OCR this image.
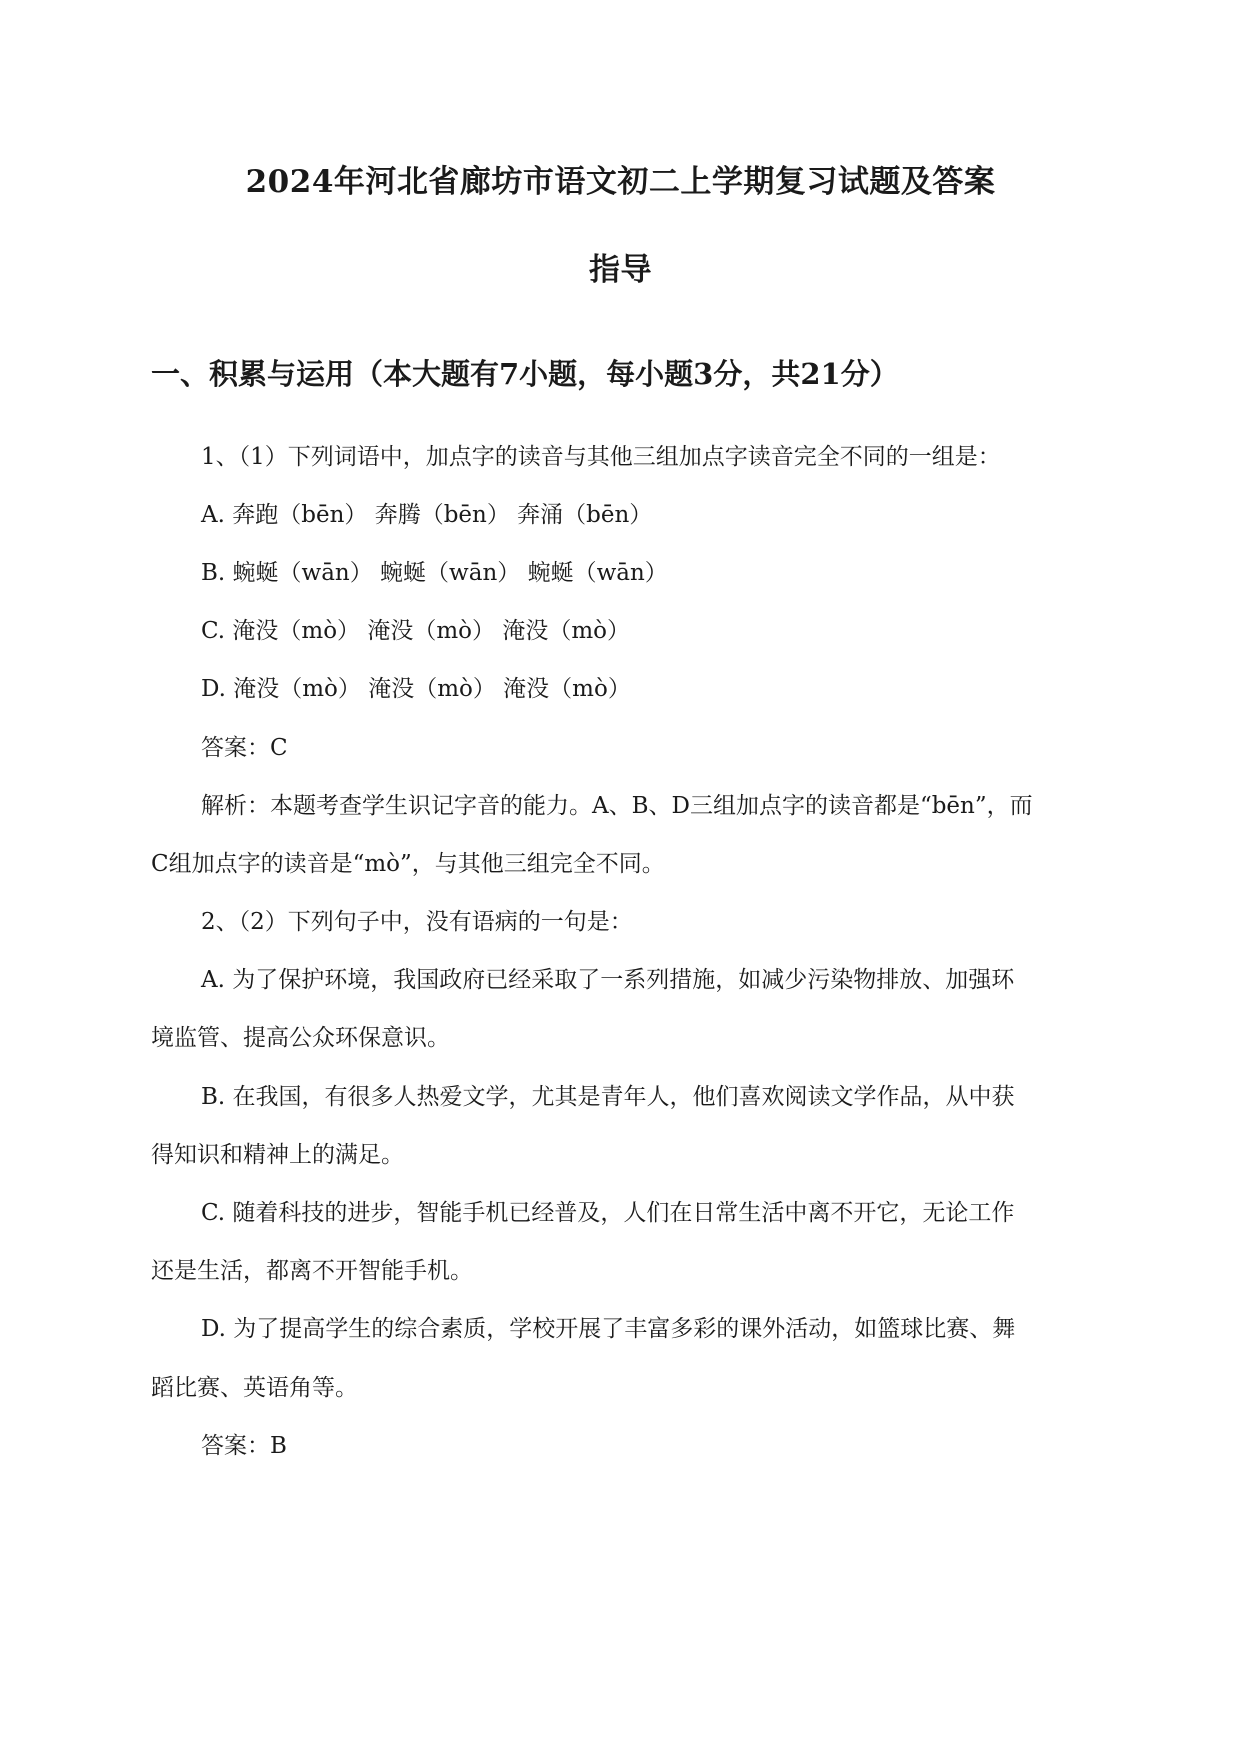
2024年河北省廊坊市语文初二上学期复习试题及答案
指导
一、积累与运用（本大题有7小题，每小题3分，共21分）
1、（1）下列词语中，加点字的读音与其他三组加点字读音完全不同的一组是：
A. 奔跑（bēn） 奔腾（bēn） 奔涌（bēn）
B. 蜿蜒（wān） 蜿蜒（wān） 蜿蜒（wān）
C. 淹没（mò） 淹没（mò） 淹没（mò）
D. 淹没（mò） 淹没（mò） 淹没（mò）
答案：C
解析：本题考查学生识记字音的能力。A、B、D三组加点字的读音都是“bēn”，而
C组加点字的读音是“mò”，与其他三组完全不同。
2、（2）下列句子中，没有语病的一句是：
A. 为了保护环境，我国政府已经采取了一系列措施，如减少污染物排放、加强环
境监管、提高公众环保意识。
B. 在我国，有很多人热爱文学，尤其是青年人，他们喜欢阅读文学作品，从中获
得知识和精神上的满足。
C. 随着科技的进步，智能手机已经普及，人们在日常生活中离不开它，无论工作
还是生活，都离不开智能手机。
D. 为了提高学生的综合素质，学校开展了丰富多彩的课外活动，如篮球比赛、舞
蹈比赛、英语角等。
答案：B
